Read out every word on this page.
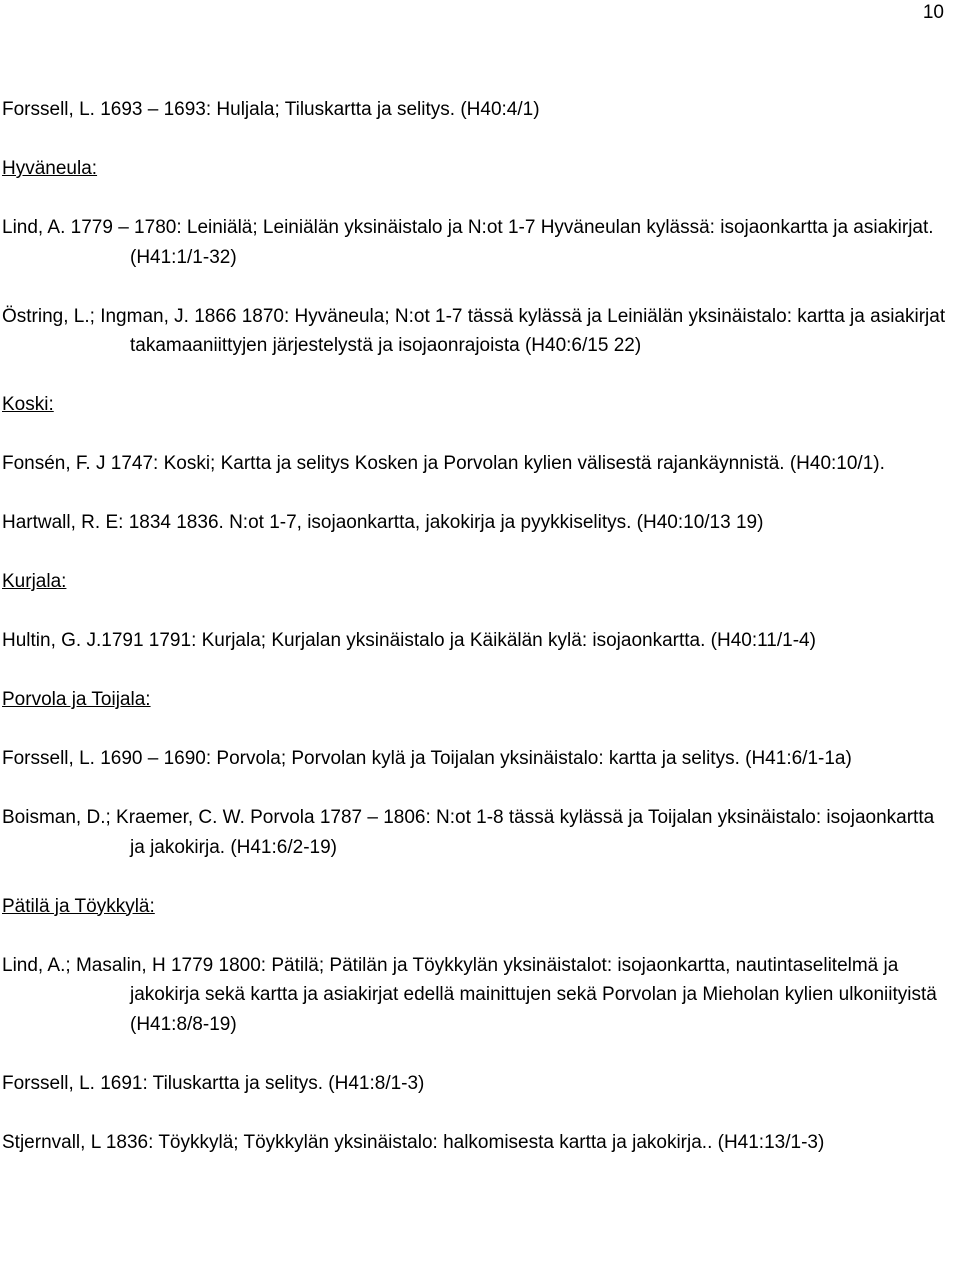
10

Forssell, L. 1693 – 1693: Huljala; Tiluskartta ja selitys. (H40:4/1)

Hyväneula:

Lind, A. 1779 – 1780: Leiniälä; Leiniälän yksinäistalo ja N:ot 1-7 Hyväneulan kylässä: isojaonkartta ja asiakirjat. (H41:1/1-32)

Östring, L.; Ingman, J. 1866 1870: Hyväneula; N:ot 1-7 tässä kylässä ja Leiniälän yksinäistalo: kartta ja asiakirjat takamaaniittyjen järjestelystä ja isojaonrajoista (H40:6/15 22)

Koski:

Fonsén, F. J 1747: Koski; Kartta ja selitys Kosken ja Porvolan kylien välisestä rajankäynnistä. (H40:10/1).

Hartwall, R. E: 1834 1836. N:ot 1-7, isojaonkartta, jakokirja ja pyykkiselitys. (H40:10/13 19)

Kurjala:

Hultin, G. J.1791 1791: Kurjala; Kurjalan yksinäistalo ja Käikälän kylä: isojaonkartta. (H40:11/1-4)

Porvola ja Toijala:

Forssell, L. 1690 – 1690: Porvola; Porvolan kylä ja Toijalan yksinäistalo: kartta ja selitys. (H41:6/1-1a)

Boisman, D.; Kraemer, C. W. Porvola 1787 – 1806: N:ot 1-8 tässä kylässä ja Toijalan yksinäistalo: isojaonkartta ja jakokirja. (H41:6/2-19)

Pätilä ja Töykkylä:

Lind, A.; Masalin, H 1779 1800: Pätilä; Pätilän ja Töykkylän yksinäistalot: isojaonkartta, nautintaselitelmä ja jakokirja sekä kartta ja asiakirjat edellä mainittujen sekä Porvolan ja Mieholan kylien ulkoniityistä (H41:8/8-19)

Forssell, L. 1691: Tiluskartta ja selitys. (H41:8/1-3)

Stjernvall, L 1836: Töykkylä; Töykkylän yksinäistalo: halkomisesta kartta ja jakokirja.. (H41:13/1-3)
